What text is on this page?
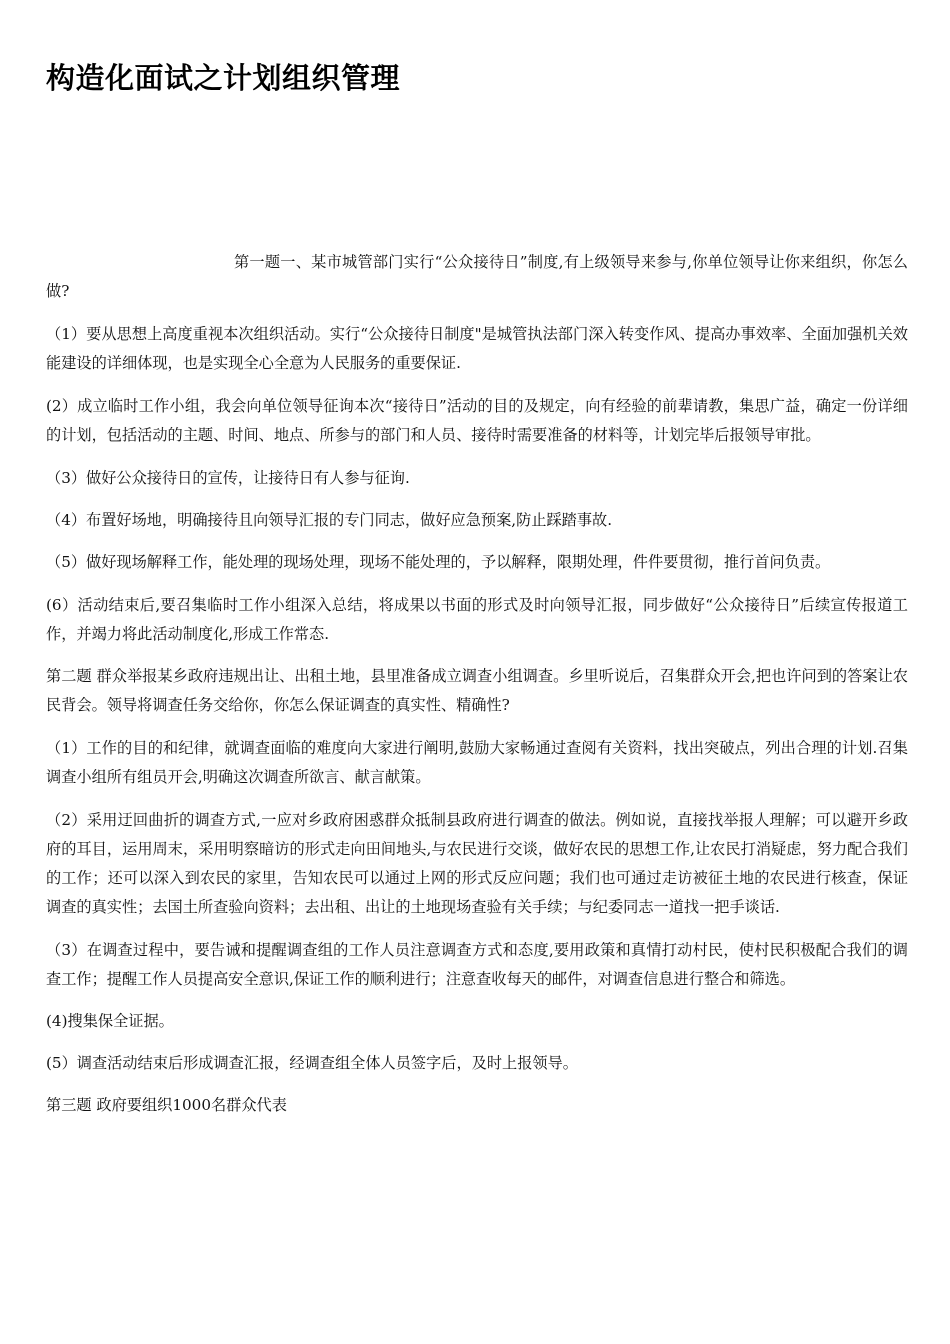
构造化面试之计划组织管理

第一题一、某市城管部门实行“公众接待日”制度,有上级领导来参与,你单位领导让你来组织，你怎么做?

（1）要从思想上高度重视本次组织活动。实行“公众接待日制度"是城管执法部门深入转变作风、提高办事效率、全面加强机关效能建设的详细体现，也是实现全心全意为人民服务的重要保证.

(2）成立临时工作小组，我会向单位领导征询本次“接待日”活动的目的及规定，向有经验的前辈请教，集思广益，确定一份详细的计划，包括活动的主题、时间、地点、所参与的部门和人员、接待时需要准备的材料等，计划完毕后报领导审批。

（3）做好公众接待日的宣传，让接待日有人参与征询.

（4）布置好场地，明确接待且向领导汇报的专门同志，做好应急预案,防止踩踏事故.

（5）做好现场解释工作，能处理的现场处理，现场不能处理的，予以解释，限期处理，件件要贯彻，推行首问负责。

(6）活动结束后,要召集临时工作小组深入总结，将成果以书面的形式及时向领导汇报，同步做好“公众接待日”后续宣传报道工作，并竭力将此活动制度化,形成工作常态.

第二题 群众举报某乡政府违规出让、出租土地，县里准备成立调查小组调查。乡里听说后，召集群众开会,把也许问到的答案让农民背会。领导将调查任务交给你，你怎么保证调查的真实性、精确性?

（1）工作的目的和纪律，就调查面临的难度向大家进行阐明,鼓励大家畅通过查阅有关资料，找出突破点，列出合理的计划.召集调查小组所有组员开会,明确这次调查所欲言、献言献策。

（2）采用迂回曲折的调查方式,一应对乡政府困惑群众抵制县政府进行调查的做法。例如说，直接找举报人理解；可以避开乡政府的耳目，运用周末，采用明察暗访的形式走向田间地头,与农民进行交谈，做好农民的思想工作,让农民打消疑虑，努力配合我们的工作；还可以深入到农民的家里，告知农民可以通过上网的形式反应问题；我们也可通过走访被征土地的农民进行核查，保证调查的真实性；去国土所查验向资料；去出租、出让的土地现场查验有关手续；与纪委同志一道找一把手谈话.

（3）在调查过程中，要告诫和提醒调查组的工作人员注意调查方式和态度,要用政策和真情打动村民，使村民积极配合我们的调查工作；提醒工作人员提高安全意识,保证工作的顺利进行；注意查收每天的邮件，对调查信息进行整合和筛选。

(4)搜集保全证据。

(5）调查活动结束后形成调查汇报，经调查组全体人员签字后，及时上报领导。

第三题 政府要组织1000名群众代表
